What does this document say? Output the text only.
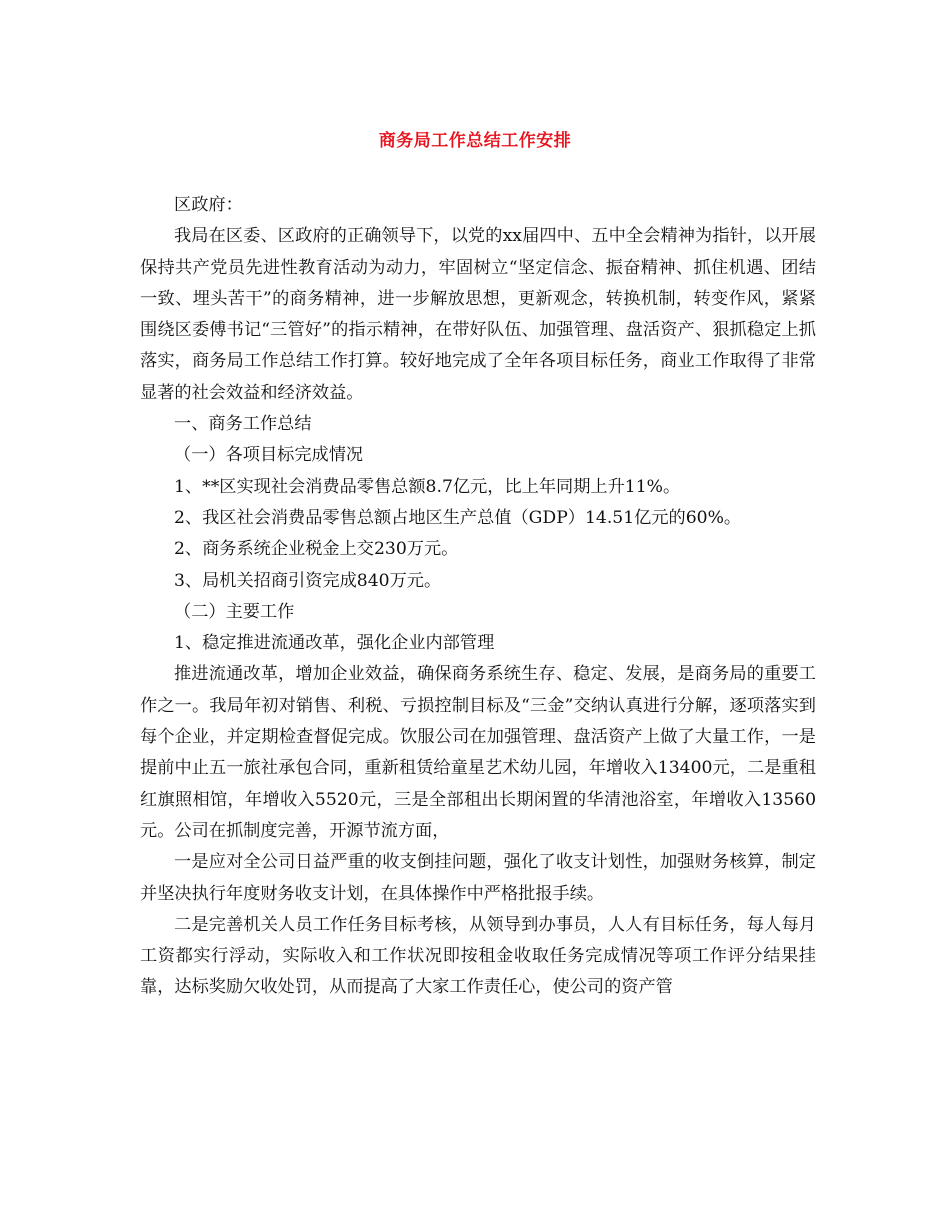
商务局工作总结工作安排

区政府：

我局在区委、区政府的正确领导下，以党的xx届四中、五中全会精神为指针，以开展保持共产党员先进性教育活动为动力，牢固树立“坚定信念、振奋精神、抓住机遇、团结一致、埋头苦干”的商务精神，进一步解放思想，更新观念，转换机制，转变作风，紧紧围绕区委傅书记“三管好”的指示精神，在带好队伍、加强管理、盘活资产、狠抓稳定上抓落实，商务局工作总结工作打算。较好地完成了全年各项目标任务，商业工作取得了非常显著的社会效益和经济效益。

一、商务工作总结

（一）各项目标完成情况

1、**区实现社会消费品零售总额8.7亿元，比上年同期上升11%。

2、我区社会消费品零售总额占地区生产总值（GDP）14.51亿元的60%。

2、商务系统企业税金上交230万元。

3、局机关招商引资完成840万元。

（二）主要工作

1、稳定推进流通改革，强化企业内部管理

推进流通改革，增加企业效益，确保商务系统生存、稳定、发展，是商务局的重要工作之一。我局年初对销售、利税、亏损控制目标及“三金”交纳认真进行分解，逐项落实到每个企业，并定期检查督促完成。饮服公司在加强管理、盘活资产上做了大量工作，一是提前中止五一旅社承包合同，重新租赁给童星艺术幼儿园，年增收入13400元，二是重租红旗照相馆，年增收入5520元，三是全部租出长期闲置的华清池浴室，年增收入13560元。公司在抓制度完善，开源节流方面，

一是应对全公司日益严重的收支倒挂问题，强化了收支计划性，加强财务核算，制定并坚决执行年度财务收支计划，在具体操作中严格批报手续。

二是完善机关人员工作任务目标考核，从领导到办事员，人人有目标任务，每人每月工资都实行浮动，实际收入和工作状况即按租金收取任务完成情况等项工作评分结果挂靠，达标奖励欠收处罚，从而提高了大家工作责任心，使公司的资产管
